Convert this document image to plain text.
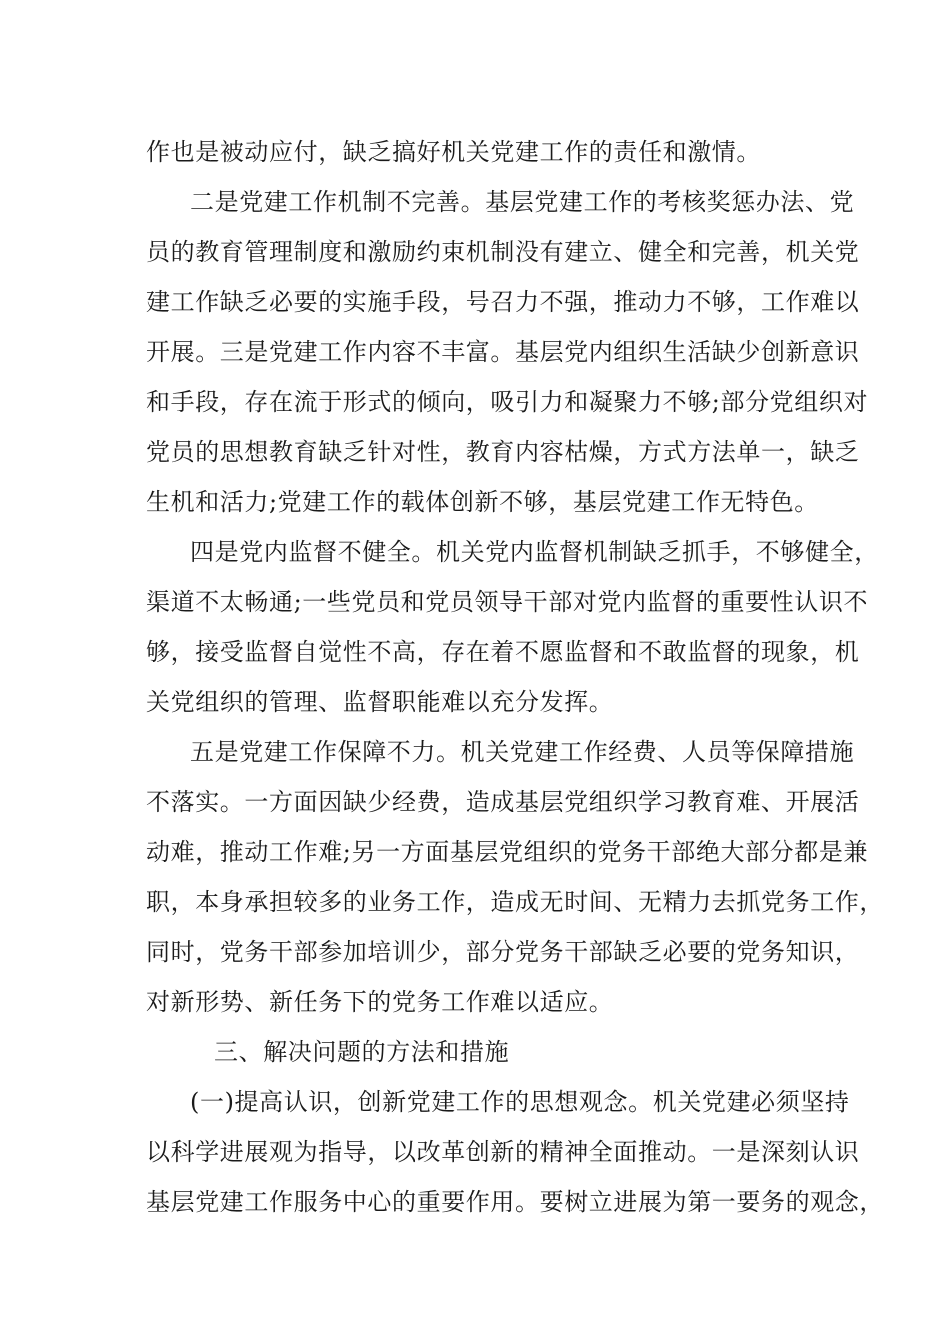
作也是被动应付，缺乏搞好机关党建工作的责任和激情。
二是党建工作机制不完善。基层党建工作的考核奖惩办法、党
员的教育管理制度和激励约束机制没有建立、健全和完善，机关党
建工作缺乏必要的实施手段，号召力不强，推动力不够，工作难以
开展。三是党建工作内容不丰富。基层党内组织生活缺少创新意识
和手段，存在流于形式的倾向，吸引力和凝聚力不够;部分党组织对
党员的思想教育缺乏针对性，教育内容枯燥，方式方法单一，缺乏
生机和活力;党建工作的载体创新不够，基层党建工作无特色。
四是党内监督不健全。机关党内监督机制缺乏抓手，不够健全，
渠道不太畅通;一些党员和党员领导干部对党内监督的重要性认识不
够，接受监督自觉性不高，存在着不愿监督和不敢监督的现象，机
关党组织的管理、监督职能难以充分发挥。
五是党建工作保障不力。机关党建工作经费、人员等保障措施
不落实。一方面因缺少经费，造成基层党组织学习教育难、开展活
动难，推动工作难;另一方面基层党组织的党务干部绝大部分都是兼
职，本身承担较多的业务工作，造成无时间、无精力去抓党务工作，
同时，党务干部参加培训少，部分党务干部缺乏必要的党务知识，
对新形势、新任务下的党务工作难以适应。
三、解决问题的方法和措施
(一)提高认识，创新党建工作的思想观念。机关党建必须坚持
以科学进展观为指导，以改革创新的精神全面推动。一是深刻认识
基层党建工作服务中心的重要作用。要树立进展为第一要务的观念，
